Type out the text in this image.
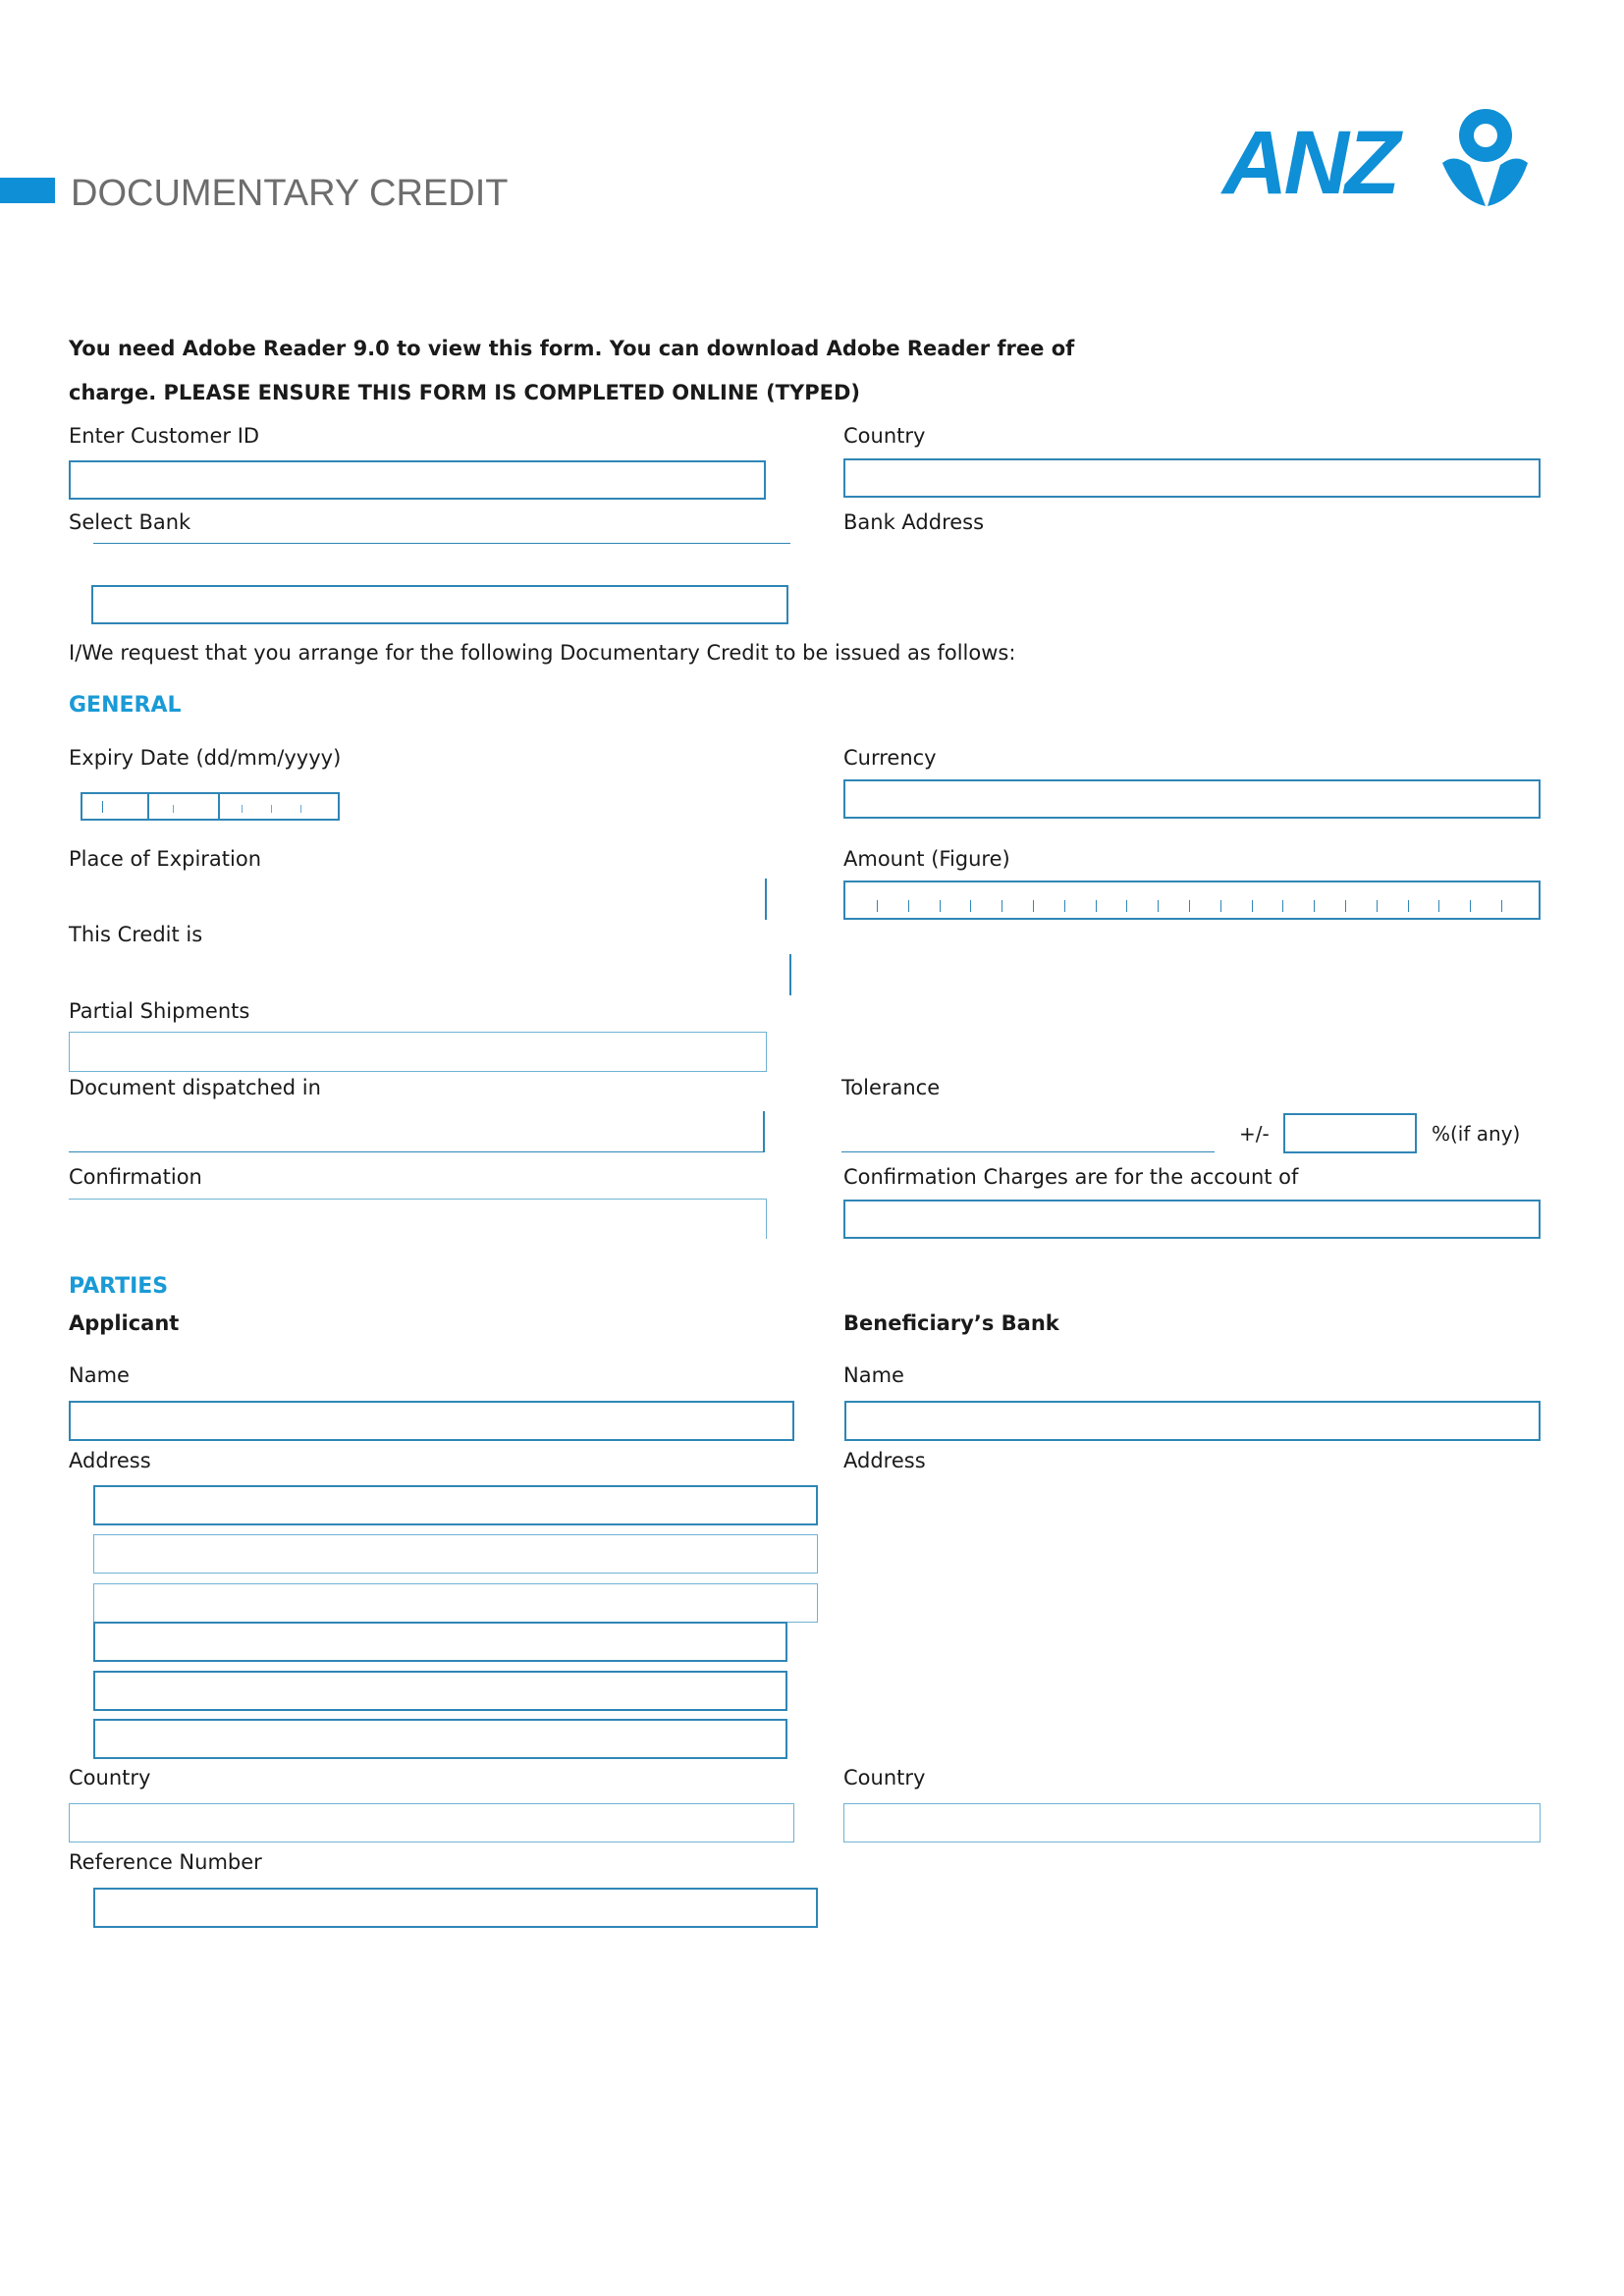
DOCUMENTARY CREDIT	ANZ
You need Adobe Reader 9.0 to view this form. You can download Adobe Reader free of
charge. PLEASE ENSURE THIS FORM IS COMPLETED ONLINE (TYPED)
Enter Customer ID	Country
Select Bank	Bank Address
I/We request that you arrange for the following Documentary Credit to be issued as follows:
GENERAL
Expiry Date (dd/mm/yyyy)	Currency
Place of Expiration	Amount (Figure)
This Credit is
Partial Shipments
Document dispatched in	Tolerance
+/-	%(if any)
Confirmation	Confirmation Charges are for the account of
PARTIES
Applicant	Beneficiary’s Bank
Name	Name
Address	Address
Country	Country
Reference Number
